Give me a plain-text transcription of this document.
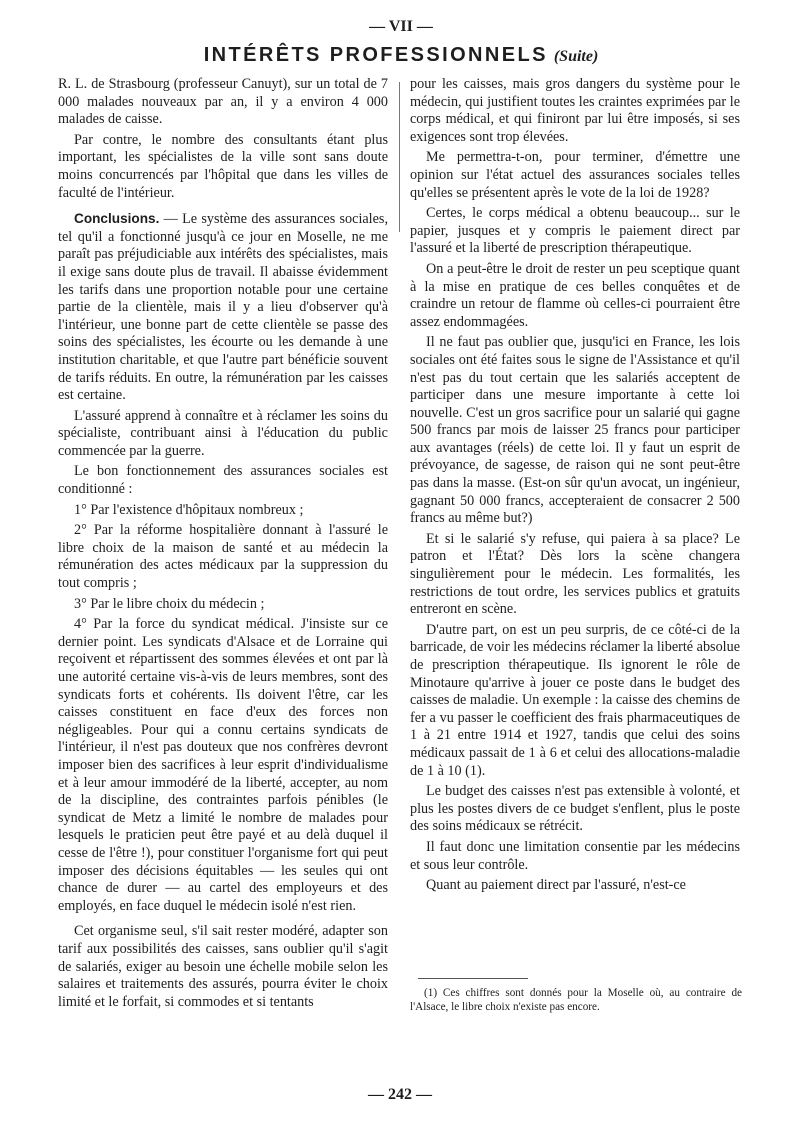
— VII —
INTÉRÊTS PROFESSIONNELS (Suite)

R. L. de Strasbourg (professeur Canuyt), sur un total de 7 000 malades nouveaux par an, il y a environ 4 000 malades de caisse.

Par contre, le nombre des consultants étant plus important, les spécialistes de la ville sont sans doute moins concurrencés par l'hôpital que dans les villes de faculté de l'intérieur.

Conclusions. — Le système des assurances sociales, tel qu'il a fonctionné jusqu'à ce jour en Moselle, ne me paraît pas préjudiciable aux intérêts des spécialistes, mais il exige sans doute plus de travail. Il abaisse évidemment les tarifs dans une proportion notable pour une certaine partie de la clientèle, mais il y a lieu d'observer qu'à l'intérieur, une bonne part de cette clientèle se passe des soins des spécialistes, les écourte ou les demande à une institution charitable, et que l'autre part bénéficie souvent de tarifs réduits. En outre, la rémunération par les caisses est certaine.

L'assuré apprend à connaître et à réclamer les soins du spécialiste, contribuant ainsi à l'éducation du public commencée par la guerre.

Le bon fonctionnement des assurances sociales est conditionné :

1° Par l'existence d'hôpitaux nombreux ;

2° Par la réforme hospitalière donnant à l'assuré le libre choix de la maison de santé et au médecin la rémunération des actes médicaux par la suppression du tout compris ;

3° Par le libre choix du médecin ;

4° Par la force du syndicat médical. J'insiste sur ce dernier point. Les syndicats d'Alsace et de Lorraine qui reçoivent et répartissent des sommes élevées et ont par là une autorité certaine vis-à-vis de leurs membres, sont des syndicats forts et cohérents. Ils doivent l'être, car les caisses constituent en face d'eux des forces non négligeables. Pour qui a connu certains syndicats de l'intérieur, il n'est pas douteux que nos confrères devront imposer bien des sacrifices à leur esprit d'individualisme et à leur amour immodéré de la liberté, accepter, au nom de la discipline, des contraintes parfois pénibles (le syndicat de Metz a limité le nombre de malades pour lesquels le praticien peut être payé et au delà duquel il cesse de l'être !), pour constituer l'organisme fort qui peut imposer des décisions équitables — les seules qui ont chance de durer — au cartel des employeurs et des employés, en face duquel le médecin isolé n'est rien.

Cet organisme seul, s'il sait rester modéré, adapter son tarif aux possibilités des caisses, sans oublier qu'il s'agit de salariés, exiger au besoin une échelle mobile selon les salaires et traitements des assurés, pourra éviter le choix limité et le forfait, si commodes et si tentants

pour les caisses, mais gros dangers du système pour le médecin, qui justifient toutes les craintes exprimées par le corps médical, et qui finiront par lui être imposés, si ses exigences sont trop élevées.

Me permettra-t-on, pour terminer, d'émettre une opinion sur l'état actuel des assurances sociales telles qu'elles se présentent après le vote de la loi de 1928?

Certes, le corps médical a obtenu beaucoup... sur le papier, jusques et y compris le paiement direct par l'assuré et la liberté de prescription thérapeutique.

On a peut-être le droit de rester un peu sceptique quant à la mise en pratique de ces belles conquêtes et de craindre un retour de flamme où celles-ci pourraient être assez endommagées.

Il ne faut pas oublier que, jusqu'ici en France, les lois sociales ont été faites sous le signe de l'Assistance et qu'il n'est pas du tout certain que les salariés acceptent de participer dans une mesure importante à cette loi nouvelle. C'est un gros sacrifice pour un salarié qui gagne 500 francs par mois de laisser 25 francs pour participer aux avantages (réels) de cette loi. Il y faut un esprit de prévoyance, de sagesse, de raison qui ne sont peut-être pas dans la masse. (Est-on sûr qu'un avocat, un ingénieur, gagnant 50 000 francs, accepteraient de consacrer 2 500 francs au même but?)

Et si le salarié s'y refuse, qui paiera à sa place? Le patron et l'État? Dès lors la scène changera singulièrement pour le médecin. Les formalités, les restrictions de tout ordre, les services publics et gratuits entreront en scène.

D'autre part, on est un peu surpris, de ce côté-ci de la barricade, de voir les médecins réclamer la liberté absolue de prescription thérapeutique. Ils ignorent le rôle de Minotaure qu'arrive à jouer ce poste dans le budget des caisses de maladie. Un exemple : la caisse des chemins de fer a vu passer le coefficient des frais pharmaceutiques de 1 à 21 entre 1914 et 1927, tandis que celui des soins médicaux passait de 1 à 6 et celui des allocations-maladie de 1 à 10 (1).

Le budget des caisses n'est pas extensible à volonté, et plus les postes divers de ce budget s'enflent, plus le poste des soins médicaux se rétrécit.

Il faut donc une limitation consentie par les médecins et sous leur contrôle.

Quant au paiement direct par l'assuré, n'est-ce

(1) Ces chiffres sont donnés pour la Moselle où, au contraire de l'Alsace, le libre choix n'existe pas encore.
— 242 —
